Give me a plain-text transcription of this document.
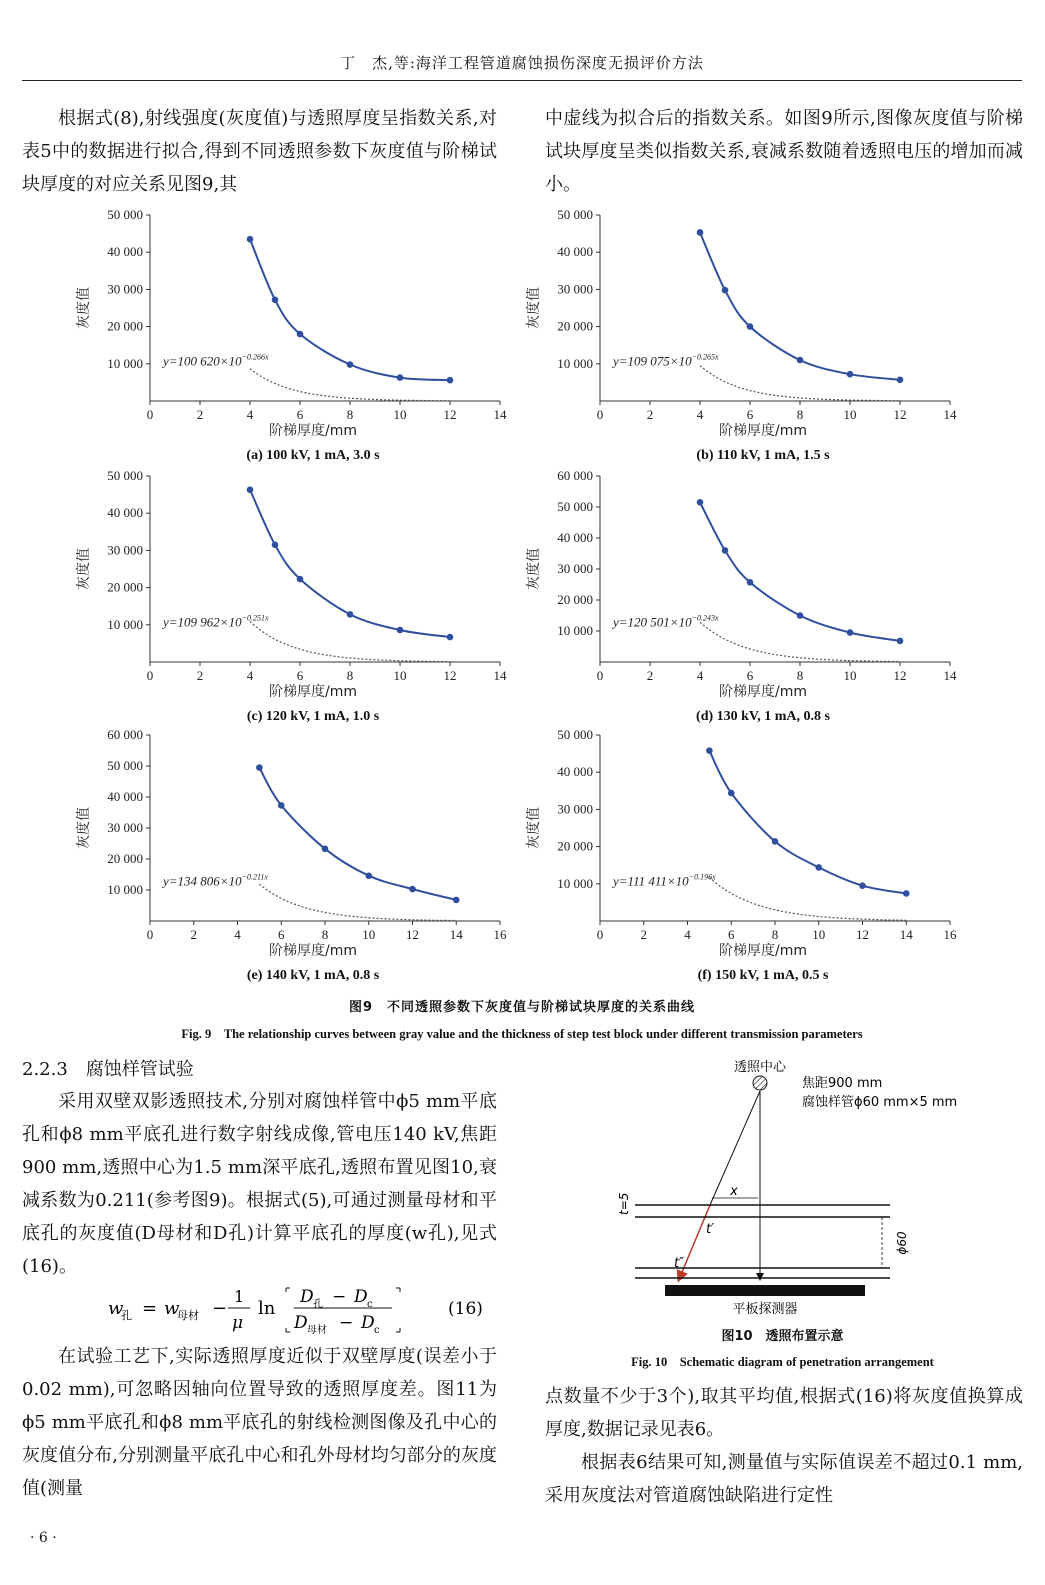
丁　杰,等:海洋工程管道腐蚀损伤深度无损评价方法

根据式(8),射线强度(灰度值)与透照厚度呈指数关系,对表5中的数据进行拟合,得到不同透照参数下灰度值与阶梯试块厚度的对应关系见图9,其

中虚线为拟合后的指数关系。如图9所示,图像灰度值与阶梯试块厚度呈类似指数关系,衰减系数随着透照电压的增加而减小。

0	2	4	6	8	10	12	14
10 000
20 000
30 000
40 000
50 000
阶梯厚度/mm
灰度值
y=100 $620\times 10^{-0.266x}$
(a) 100 kV, 1 mA, 3.0 s
0	2	4	6	8	10	12	14
10 000
20 000
30 000
40 000
50 000
阶梯厚度/mm
灰度值
y=109 $075\times 10^{-0.265x}$
(b) 110 kV, 1 mA, 1.5 s
0	2	4	6	8	10	12	14
10 000
20 000
30 000
40 000
50 000
阶梯厚度/mm
灰度值
y=109 $962\times 10^{-0.251x}$
(c) 120 kV, 1 mA, 1.0 s
0	2	4	6	8	10	12	14
10 000
20 000
30 000
40 000
50 000
60 000
阶梯厚度/mm
灰度值
y=120 $501\times 10^{-0.243x}$
(d) 130 kV, 1 mA, 0.8 s
0	2	4	6	8	10 12 14 16
10 000
20 000
30 000
40 000
50 000
60 000
阶梯厚度/mm
灰度值
y=134 $806\times 10^{-0.211x}$
(e) 140 kV, 1 mA, 0.8 s
0	2	4	6	8	10 12 14 16
10 000
20 000
30 000
40 000
50 000
阶梯厚度/mm
灰度值
y=111 $411\times 10^{-0.196x}$
(f) 150 kV, 1 mA, 0.5 s
图9　不同透照参数下灰度值与阶梯试块厚度的关系曲线
Fig. 9　The relationship curves between gray value and the thickness of step test block under different transmission parameters
2.2.3 腐蚀样管试验

采用双壁双影透照技术,分别对腐蚀样管中ϕ5 mm平底孔和ϕ8 mm平底孔进行数字射线成像,管电压140 kV,焦距900 mm,透照中心为1.5 mm深平底孔,透照布置见图10,衰减系数为0.211(参考图9)。根据式(5),可通过测量母材和平底孔的灰度值(D母材和D孔)计算平底孔的厚度(w孔),见式(16)。

w
孔 = w
母材 −
1
μ
ln
D 孔 − D c
D 母材 − D c
(16)

在试验工艺下,实际透照厚度近似于双壁厚度(误差小于0.02 mm),可忽略因轴向位置导致的透照厚度差。图11为ϕ5 mm平底孔和ϕ8 mm平底孔的射线检测图像及孔中心的灰度值分布,分别测量平底孔中心和孔外母材均匀部分的灰度值(测量

透照中心
焦距900 mm
腐蚀样管ϕ60 mm×5 mm
x
t=5
t′
t″
ϕ60
平板探测器
图10　透照布置示意
Fig. 10　Schematic diagram of penetration arrangement

点数量不少于3个),取其平均值,根据式(16)将灰度值换算成厚度,数据记录见表6。

根据表6结果可知,测量值与实际值误差不超过0.1 mm,采用灰度法对管道腐蚀缺陷进行定性

· 6 ·
